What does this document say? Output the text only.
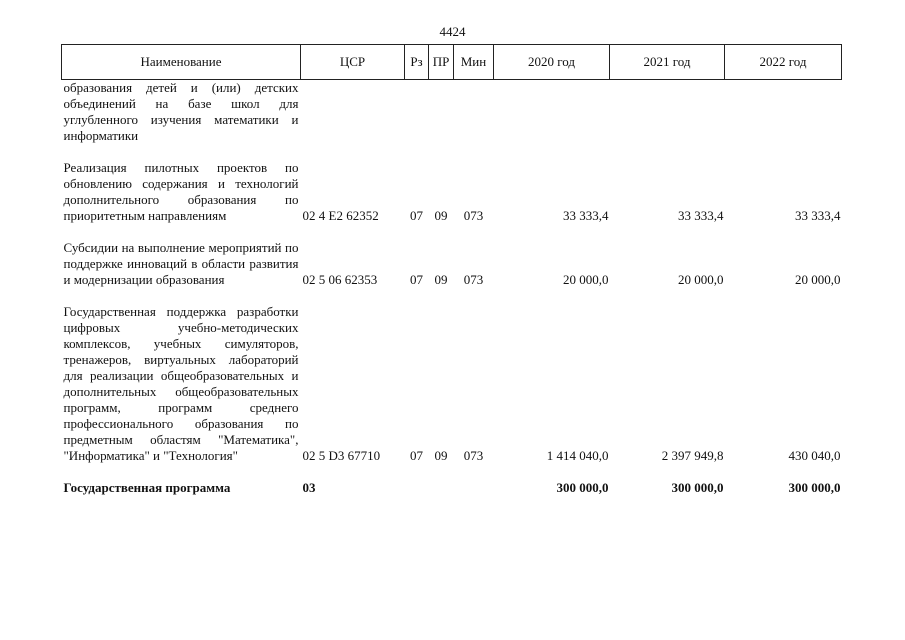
4424
Наименование	ЦСР	Рз	ПР	Мин	2020 год	2021 год	2022 год
образования детей и (или) детских объединений на базе школ для углубленного изучения математики и информатики							

Реализация пилотных проектов по обновлению содержания и технологий дополнительного образования по приоритетным направлениям	02 4 E2 62352	07	09	073	33 333,4	33 333,4	33 333,4

Субсидии на выполнение мероприятий по поддержке инноваций в области развития и модернизации образования	02 5 06 62353	07	09	073	20 000,0	20 000,0	20 000,0

Государственная поддержка разработки цифровых учебно-методических комплексов, учебных симуляторов, тренажеров, виртуальных лабораторий для реализации общеобразовательных и дополнительных общеобразовательных программ, программ среднего профессионального образования по предметным областям "Математика", "Информатика" и "Технология"	02 5 D3 67710	07	09	073	1 414 040,0	2 397 949,8	430 040,0

Государственная программа	03				300 000,0	300 000,0	300 000,0
